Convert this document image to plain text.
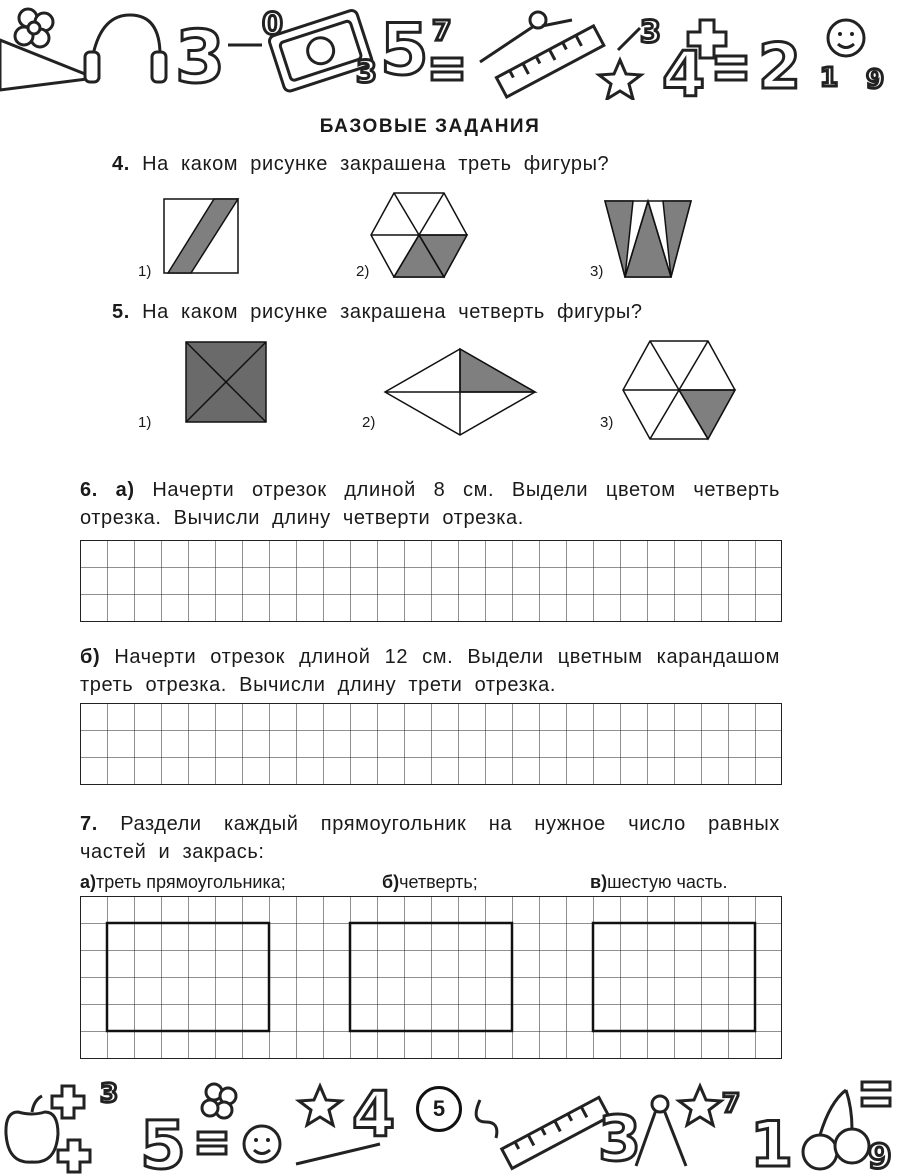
3 0
3 5 7	3
4 2 1 9
БАЗОВЫЕ ЗАДАНИЯ
4. На каком рисунке закрашена треть фигуры?
1)	2)	3)
5. На каком рисунке закрашена четверть фигуры?
1)	2)	3)
6. а) Начерти отрезок длиной 8 см. Выдели цветом четверть отрезка. Вычисли длину четверти отрезка.
б) Начерти отрезок длиной 12 см. Выдели цветным карандашом треть отрезка. Вычисли длину трети отрезка.
7. Раздели каждый прямоугольник на нужное число равных частей и закрась:
а) треть прямоугольника;	б) четверть;	в) шестую часть.
3
5	4	3	7
1 9
5
